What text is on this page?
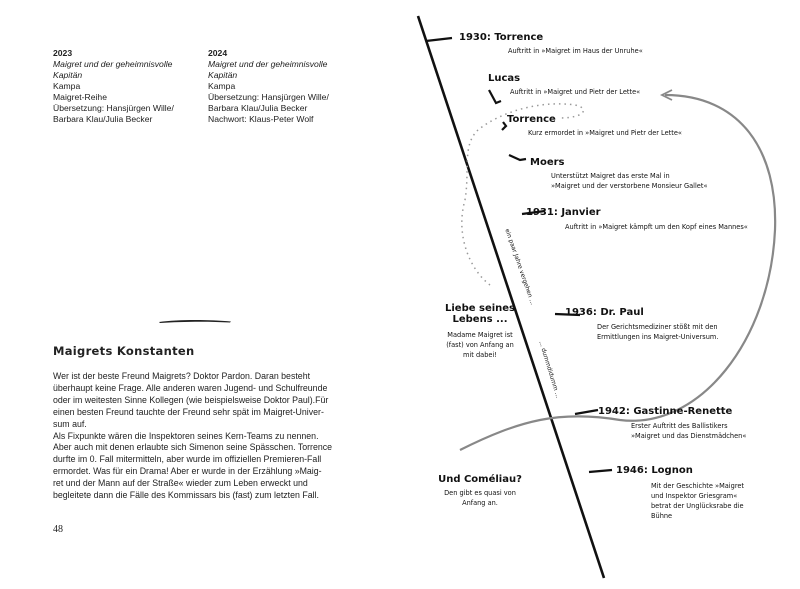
2023
Maigret und der geheimnisvolle
Kapitän
Kampa
Maigret-Reihe
Übersetzung: Hansjürgen Wille/
Barbara Klau/Julia Becker
2024
Maigret und der geheimnisvolle
Kapitän
Kampa
Übersetzung: Hansjürgen Wille/
Barbara Klau/Julia Becker
Nachwort: Klaus-Peter Wolf
Maigrets Konstanten
Wer ist der beste Freund Maigrets? Doktor Pardon. Daran besteht
überhaupt keine Frage. Alle anderen waren Jugend- und Schulfreunde
oder im weitesten Sinne Kollegen (wie beispielsweise Doktor Paul).Für
einen besten Freund tauchte der Freund sehr spät im Maigret-Univer-
sum auf.
Als Fixpunkte wären die Inspektoren seines Kern-Teams zu nennen.
Aber auch mit denen erlaubte sich Simenon seine Späs​schen. Torrence
durfte im 0. Fall mitermitteln, aber wurde im offiziellen Premieren-Fall
ermordet. Was für ein Drama! Aber er wurde in der Erzählung »Maig-
ret und der Mann auf der Straße« wieder zum Leben erweckt und
begleitete dann die Fälle des Kommissars bis (fast) zum letzten Fall.
48
1930: Torrence
Auftritt in »Maigret im Haus der Unruhe«
Lucas
Auftritt in »Maigret und Pietr der Lette«
Torrence
Kurz ermordet in »Maigret und Pietr der Lette«
Moers
Unterstützt Maigret das erste Mal in
»Maigret und der verstorbene Monsieur Gallet«
1931: Janvier
Auftritt in »Maigret kämpft um den Kopf eines Mannes«
1936: Dr. Paul
Der Gerichtsmediziner stößt mit den
Ermittlungen ins Maigret-Universum.
1942: Gastinne-Renette
Erster Auftritt des Ballistikers
»Maigret und das Dienstmädchen«
1946: Lognon
Mit der Geschichte »Maigret
und Inspektor Griesgram«
betrat der Unglücksrabe die
Bühne
Liebe seines
Lebens ...
Madame Maigret ist
(fast) von Anfang an
mit dabei!
Und Coméliau?
Den gibt es quasi von
Anfang an.
ein paar Jahre vergehen ...
... dummdidumm ...
